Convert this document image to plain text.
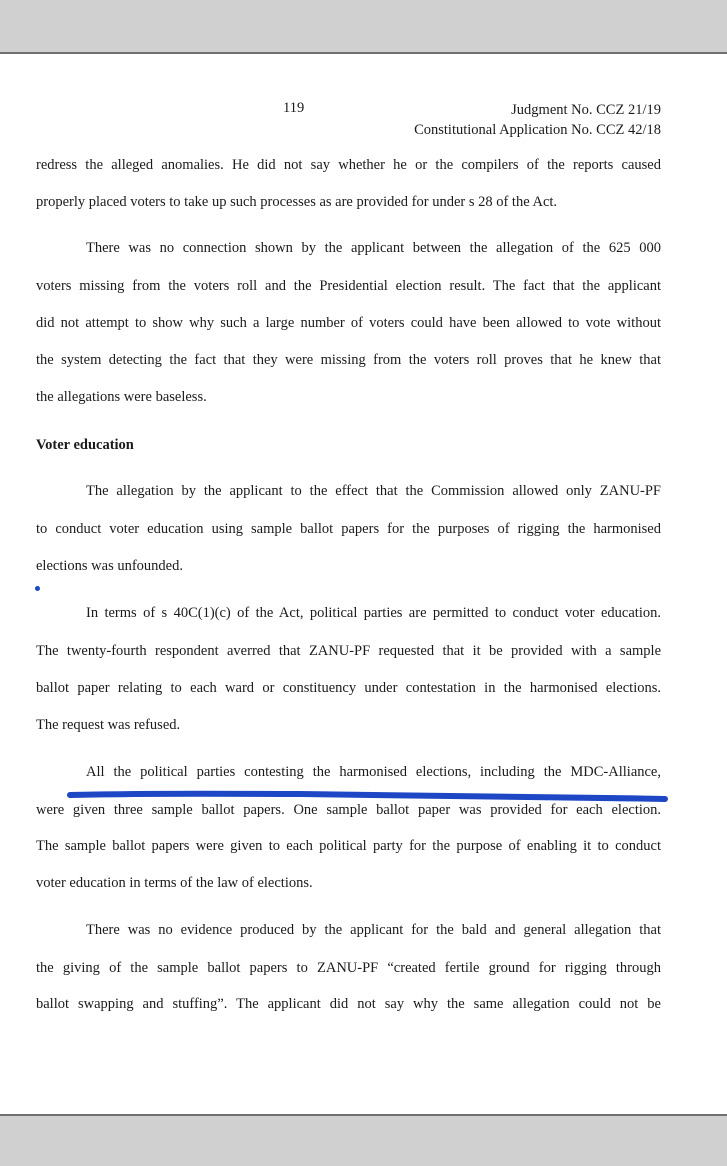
119	Judgment No. CCZ 21/19
Constitutional Application No. CCZ 42/18
redress the alleged anomalies. He did not say whether he or the compilers of the reports caused
properly placed voters to take up such processes as are provided for under s 28 of the Act.
There was no connection shown by the applicant between the allegation of the 625 000
voters missing from the voters roll and the Presidential election result. The fact that the applicant
did not attempt to show why such a large number of voters could have been allowed to vote without
the system detecting the fact that they were missing from the voters roll proves that he knew that
the allegations were baseless.
Voter education
The allegation by the applicant to the effect that the Commission allowed only ZANU-PF
to conduct voter education using sample ballot papers for the purposes of rigging the harmonised
elections was unfounded.
In terms of s 40C(1)(c) of the Act, political parties are permitted to conduct voter education.
The twenty-fourth respondent averred that ZANU-PF requested that it be provided with a sample
ballot paper relating to each ward or constituency under contestation in the harmonised elections.
The request was refused.
All the political parties contesting the harmonised elections, including the MDC-Alliance,
were given three sample ballot papers. One sample ballot paper was provided for each election.
The sample ballot papers were given to each political party for the purpose of enabling it to conduct
voter education in terms of the law of elections.
There was no evidence produced by the applicant for the bald and general allegation that
the giving of the sample ballot papers to ZANU-PF “created fertile ground for rigging through
ballot swapping and stuffing”. The applicant did not say why the same allegation could not be
